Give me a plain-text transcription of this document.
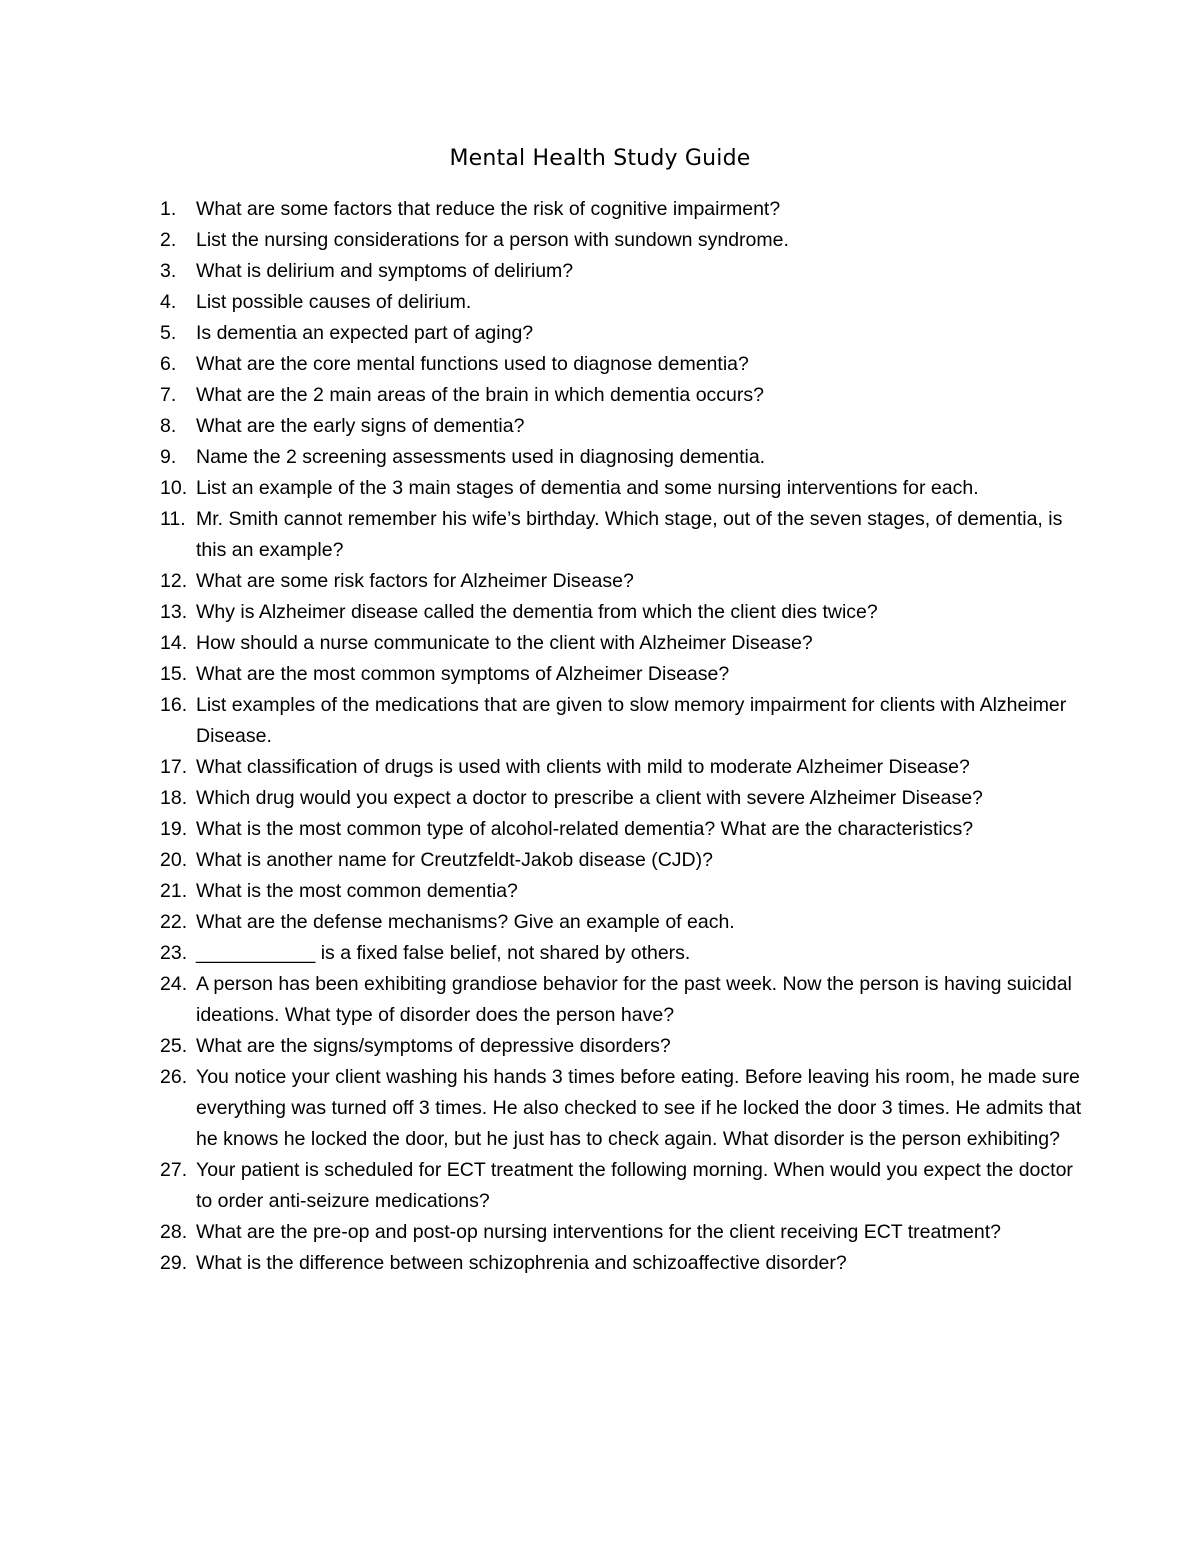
Mental Health Study Guide
1.	What are some factors that reduce the risk of cognitive impairment?
2.	List the nursing considerations for a person with sundown syndrome.
3.	What is delirium and symptoms of delirium?
4.	List possible causes of delirium.
5.	Is dementia an expected part of aging?
6.	What are the core mental functions used to diagnose dementia?
7.	What are the 2 main areas of the brain in which dementia occurs?
8.	What are the early signs of dementia?
9.	Name the 2 screening assessments used in diagnosing dementia.
10. List an example of the 3 main stages of dementia and some nursing interventions for each.
11. Mr. Smith cannot remember his wife’s birthday. Which stage, out of the seven stages, of dementia, is this an example?
12. What are some risk factors for Alzheimer Disease?
13. Why is Alzheimer disease called the dementia from which the client dies twice?
14. How should a nurse communicate to the client with Alzheimer Disease?
15. What are the most common symptoms of Alzheimer Disease?
16. List examples of the medications that are given to slow memory impairment for clients with Alzheimer Disease.
17. What classification of drugs is used with clients with mild to moderate Alzheimer Disease?
18. Which drug would you expect a doctor to prescribe a client with severe Alzheimer Disease?
19. What is the most common type of alcohol-related dementia? What are the characteristics?
20. What is another name for Creutzfeldt-Jakob disease (CJD)?
21. What is the most common dementia?
22. What are the defense mechanisms? Give an example of each.
23. ___________ is a fixed false belief, not shared by others.
24. A person has been exhibiting grandiose behavior for the past week. Now the person is having suicidal ideations. What type of disorder does the person have?
25. What are the signs/symptoms of depressive disorders?
26. You notice your client washing his hands 3 times before eating. Before leaving his room, he made sure everything was turned off 3 times. He also checked to see if he locked the door 3 times. He admits that he knows he locked the door, but he just has to check again. What disorder is the person exhibiting?
27. Your patient is scheduled for ECT treatment the following morning. When would you expect the doctor to order anti-seizure medications?
28. What are the pre-op and post-op nursing interventions for the client receiving ECT treatment?
29. What is the difference between schizophrenia and schizoaffective disorder?
